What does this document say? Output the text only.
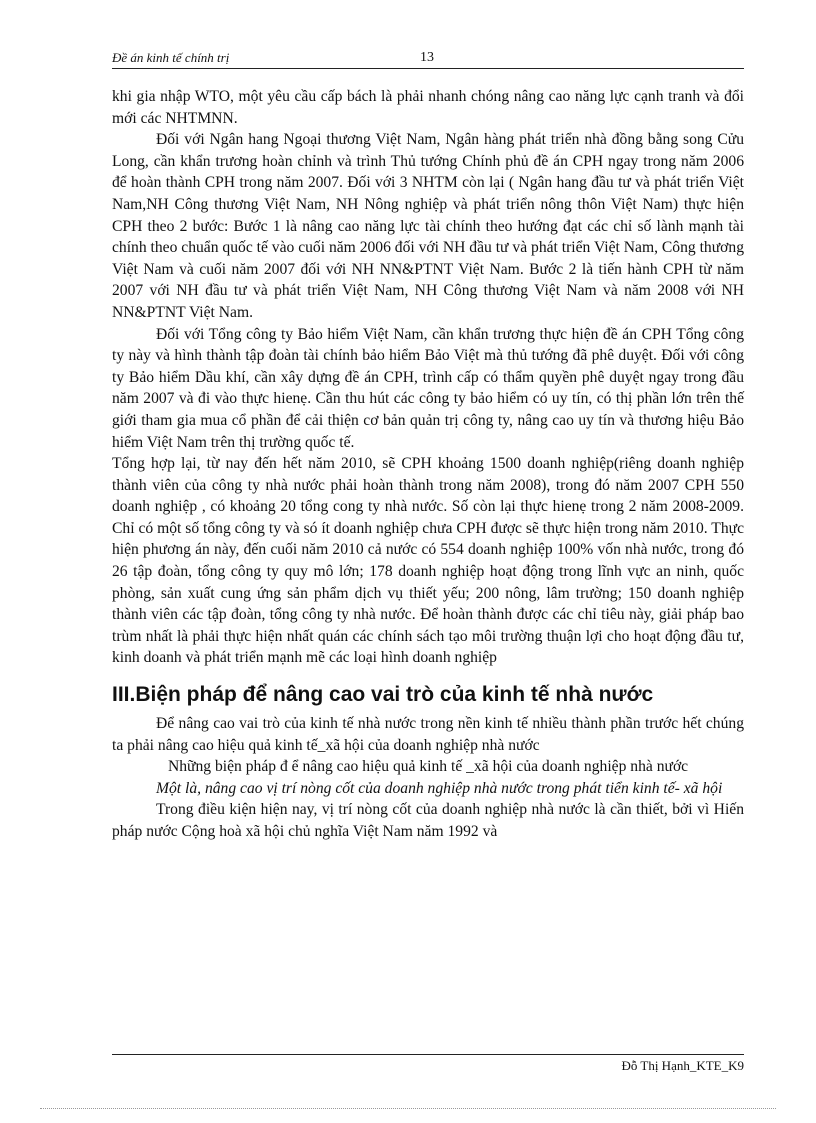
Đề án kinh tế chính trị	13

khi gia nhập WTO, một yêu cầu cấp bách là phải nhanh chóng nâng cao năng lực cạnh tranh và đổi mới các NHTMNN.

Đối với Ngân hang Ngoại thương Việt Nam, Ngân hàng phát triển nhà đồng bằng song Cửu Long, cần khẩn trương hoàn chỉnh và trình Thủ tướng Chính phủ đề án CPH ngay trong năm 2006 để hoàn thành CPH trong năm 2007. Đối với 3 NHTM còn lại ( Ngân hang đầu tư và phát triển Việt Nam,NH Công thương Việt Nam, NH Nông nghiệp và phát triển nông thôn Việt Nam) thực hiện CPH theo 2 bước: Bước 1 là nâng cao năng lực tài chính theo hướng đạt các chỉ số lành mạnh tài chính theo chuẩn quốc tế vào cuối năm 2006 đối với NH đầu tư và phát triển Việt Nam, Công thương Việt Nam và cuối năm 2007 đối với NH NN&PTNT Việt Nam. Bước 2 là tiến hành CPH từ năm 2007 với NH đầu tư và phát triển Việt Nam, NH Công thương Việt Nam và năm 2008 với NH NN&PTNT Việt Nam.

Đối với Tổng công ty Bảo hiểm Việt Nam, cần khẩn trương thực hiện đề án CPH Tổng công ty này và hình thành tập đoàn tài chính bảo hiểm Bảo Việt mà thủ tướng đã phê duyệt. Đối với công ty Bảo hiểm Dầu khí, cần xây dựng đề án CPH, trình cấp có thẩm quyền phê duyệt ngay trong đầu năm 2007 và đi vào thực hienẹ. Cần thu hút các công ty bảo hiểm có uy tín, có thị phần lớn trên thế giới tham gia mua cổ phần để cải thiện cơ bản quản trị công ty, nâng cao uy tín và thương hiệu Bảo hiểm Việt Nam trên thị trường quốc tế.

Tổng hợp lại, từ nay đến hết năm 2010, sẽ CPH khoảng 1500 doanh nghiệp(riêng doanh nghiệp thành viên của công ty nhà nước phải hoàn thành trong năm 2008), trong đó năm 2007 CPH 550 doanh nghiệp , có khoảng 20 tổng cong ty nhà nước. Số còn lại thực hienẹ trong 2 năm 2008-2009. Chỉ có một số tổng công ty và só ít doanh nghiệp chưa CPH được sẽ thực hiện trong năm 2010. Thực hiện phương án này, đến cuối năm 2010 cả nước có 554 doanh nghiệp 100% vốn nhà nước, trong đó 26 tập đoàn, tổng công ty quy mô lớn; 178 doanh nghiệp hoạt động trong lĩnh vực an ninh, quốc phòng, sản xuất cung ứng sản phẩm dịch vụ thiết yếu; 200 nông, lâm trường; 150 doanh nghiệp thành viên các tập đoàn, tổng công ty nhà nước. Để hoàn thành được các chỉ tiêu này, giải pháp bao trùm nhất là phải thực hiện nhất quán các chính sách tạo môi trường thuận lợi cho hoạt động đầu tư, kinh doanh và phát triển mạnh mẽ các loại hình doanh nghiệp

III.Biện pháp để nâng cao vai trò của kinh tế nhà nước

Để nâng cao vai trò của kinh tế nhà nước trong nền kinh tế nhiều thành phần trước hết chúng ta phải nâng cao hiệu quả kinh tế_xã hội của doanh nghiệp nhà nước

Những biện pháp đ ể nâng cao hiệu quả kinh tế _xã hội của doanh nghiệp nhà nước

Một là, nâng cao vị trí nòng cốt của doanh nghiệp nhà nước trong phát tiển kinh tế- xã hội

Trong điều kiện hiện nay, vị trí nòng cốt của doanh nghiệp nhà nước là cần thiết, bởi vì Hiến pháp nước Cộng hoà xã hội chủ nghĩa Việt Nam năm 1992 và

Đỗ Thị Hạnh_KTE_K9
